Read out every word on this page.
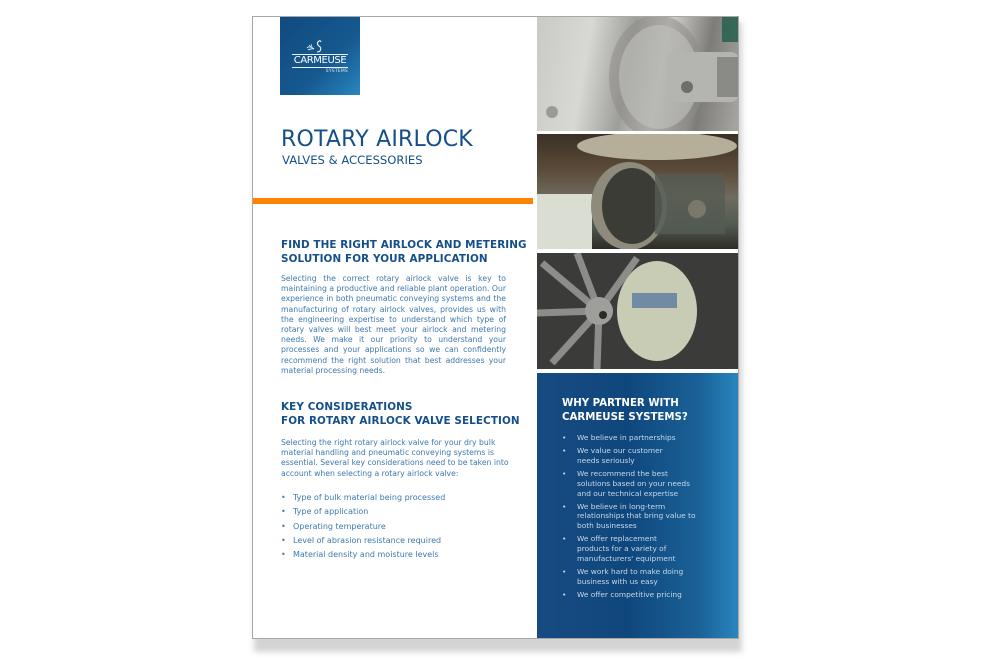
CARMEUSE
SYSTEMS
ROTARY AIRLOCK
VALVES & ACCESSORIES
FIND THE RIGHT AIRLOCK AND METERING
SOLUTION FOR YOUR APPLICATION
Selecting the correct rotary airlock valve is key to maintaining a productive and reliable plant operation. Our experience in both pneumatic conveying systems and the manufacturing of rotary airlock valves, provides us with the engineering expertise to understand which type of rotary valves will best meet your airlock and metering needs. We make it our priority to understand your processes and your applications so we can confidently recommend the right solution that best addresses your material processing needs.
KEY CONSIDERATIONS
FOR ROTARY AIRLOCK VALVE SELECTION
Selecting the right rotary airlock valve for your dry bulk material handling and pneumatic conveying systems is essential. Several key considerations need to be taken into account when selecting a rotary airlock valve:
• Type of bulk material being processed
• Type of application
• Operating temperature
• Level of abrasion resistance required
• Material density and moisture levels
WHY PARTNER WITH
CARMEUSE SYSTEMS?
• We believe in partnerships
• We value our customer needs seriously
• We recommend the best solutions based on your needs and our technical expertise
• We believe in long-term relationships that bring value to both businesses
• We offer replacement products for a variety of manufacturers' equipment
• We work hard to make doing business with us easy
• We offer competitive pricing
